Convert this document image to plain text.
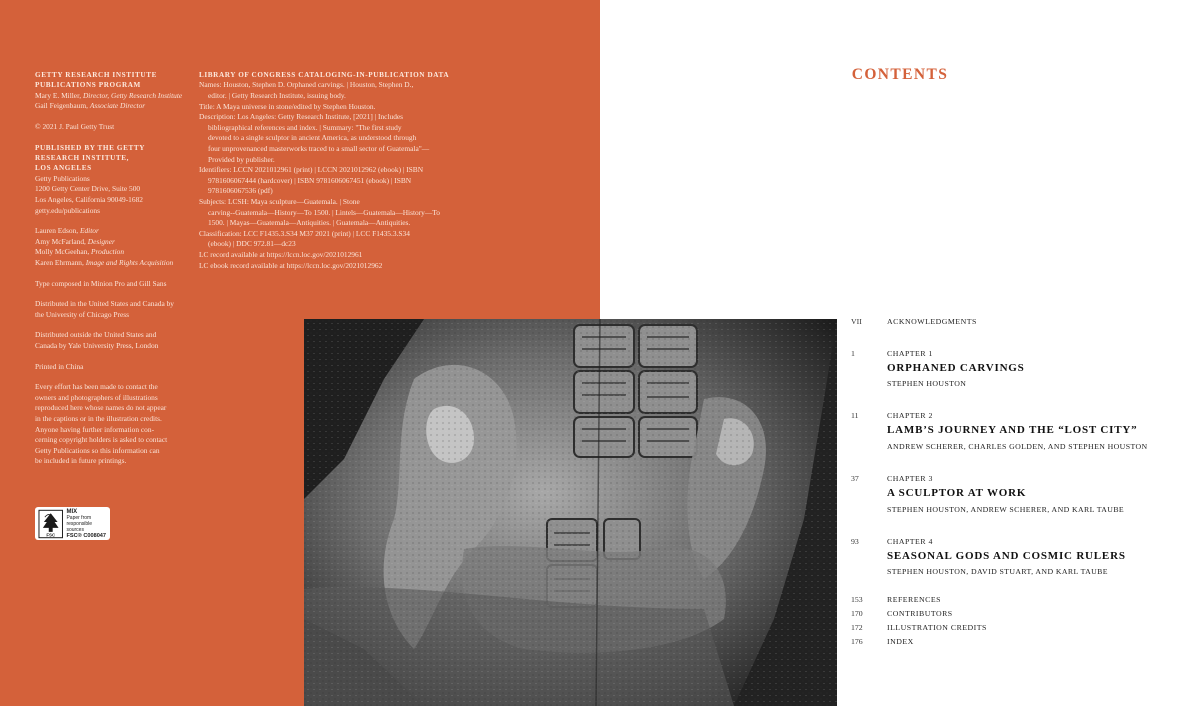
GETTY RESEARCH INSTITUTE
PUBLICATIONS PROGRAM
Mary E. Miller, Director, Getty Research Institute
Gail Feigenbaum, Associate Director
© 2021 J. Paul Getty Trust
PUBLISHED BY THE GETTY
RESEARCH INSTITUTE,
LOS ANGELES
Getty Publications
1200 Getty Center Drive, Suite 500
Los Angeles, California 90049-1682
getty.edu/publications
Lauren Edson, Editor
Amy McFarland, Designer
Molly McGeehan, Production
Karen Ehrmann, Image and Rights Acquisition
Type composed in Minion Pro and Gill Sans
Distributed in the United States and Canada by
the University of Chicago Press
Distributed outside the United States and
Canada by Yale University Press, London
Printed in China
Every effort has been made to contact the
owners and photographers of illustrations
reproduced here whose names do not appear
in the captions or in the illustration credits.
Anyone having further information con-
cerning copyright holders is asked to contact
Getty Publications so this information can
be included in future printings.
LIBRARY OF CONGRESS CATALOGING-IN-PUBLICATION DATA
Names: Houston, Stephen D. Orphaned carvings. | Houston, Stephen D.,
editor. | Getty Research Institute, issuing body.
Title: A Maya universe in stone/edited by Stephen Houston.
Description: Los Angeles: Getty Research Institute, [2021] | Includes
bibliographical references and index. | Summary: "The first study
devoted to a single sculptor in ancient America, as understood through
four unprovenanced masterworks traced to a small sector of Guatemala"—
Provided by publisher.
Identifiers: LCCN 2021012961 (print) | LCCN 2021012962 (ebook) | ISBN
9781606067444 (hardcover) | ISBN 9781606067451 (ebook) | ISBN
9781606067536 (pdf)
Subjects: LCSH: Maya sculpture—Guatemala. | Stone
carving--Guatemala—History—To 1500. | Lintels—Guatemala—History—To
1500. | Mayas—Guatemala—Antiquities. | Guatemala—Antiquities.
Classification: LCC F1435.3.S34 M37 2021 (print) | LCC F1435.3.S34
(ebook) | DDC 972.81—dc23
LC record available at https://lccn.loc.gov/2021012961
LC ebook record available at https://lccn.loc.gov/2021012962
FSC
MIX
Paper from
responsible sources
FSC® C008047
CONTENTS
VII	ACKNOWLEDGMENTS
1	CHAPTER 1
ORPHANED CARVINGS
STEPHEN HOUSTON
11	CHAPTER 2
LAMB’S JOURNEY AND THE “LOST CITY”
ANDREW SCHERER, CHARLES GOLDEN, AND STEPHEN HOUSTON
37	CHAPTER 3
A SCULPTOR AT WORK
STEPHEN HOUSTON, ANDREW SCHERER, AND KARL TAUBE
93	CHAPTER 4
SEASONAL GODS AND COSMIC RULERS
STEPHEN HOUSTON, DAVID STUART, AND KARL TAUBE
153	REFERENCES
170	CONTRIBUTORS
172	ILLUSTRATION CREDITS
176	INDEX
